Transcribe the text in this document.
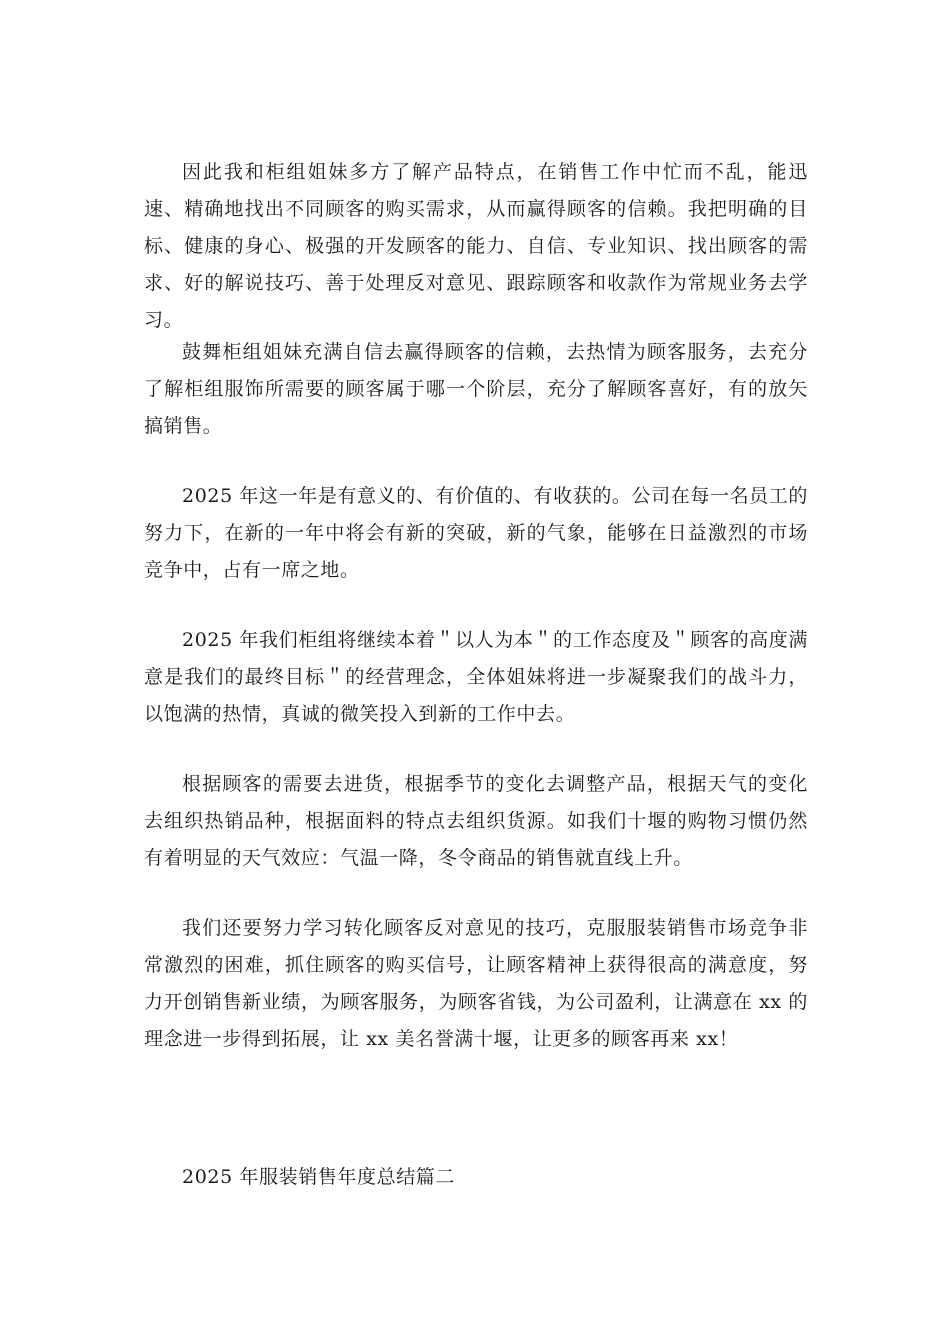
因此我和柜组姐妹多方了解产品特点，在销售工作中忙而不乱，能迅速、精确地找出不同顾客的购买需求，从而赢得顾客的信赖。我把明确的目标、健康的身心、极强的开发顾客的能力、自信、专业知识、找出顾客的需求、好的解说技巧、善于处理反对意见、跟踪顾客和收款作为常规业务去学习。

鼓舞柜组姐妹充满自信去赢得顾客的信赖，去热情为顾客服务，去充分了解柜组服饰所需要的顾客属于哪一个阶层，充分了解顾客喜好，有的放矢搞销售。

2025 年这一年是有意义的、有价值的、有收获的。公司在每一名员工的努力下，在新的一年中将会有新的突破，新的气象，能够在日益激烈的市场竞争中，占有一席之地。

2025 年我们柜组将继续本着＂以人为本＂的工作态度及＂顾客的高度满意是我们的最终目标＂的经营理念，全体姐妹将进一步凝聚我们的战斗力，以饱满的热情，真诚的微笑投入到新的工作中去。

根据顾客的需要去进货，根据季节的变化去调整产品，根据天气的变化去组织热销品种，根据面料的特点去组织货源。如我们十堰的购物习惯仍然有着明显的天气效应：气温一降，冬令商品的销售就直线上升。

我们还要努力学习转化顾客反对意见的技巧，克服服装销售市场竞争非常激烈的困难，抓住顾客的购买信号，让顾客精神上获得很高的满意度，努力开创销售新业绩，为顾客服务，为顾客省钱，为公司盈利，让满意在 xx 的理念进一步得到拓展，让 xx 美名誉满十堰，让更多的顾客再来 xx！

2025 年服装销售年度总结篇二
